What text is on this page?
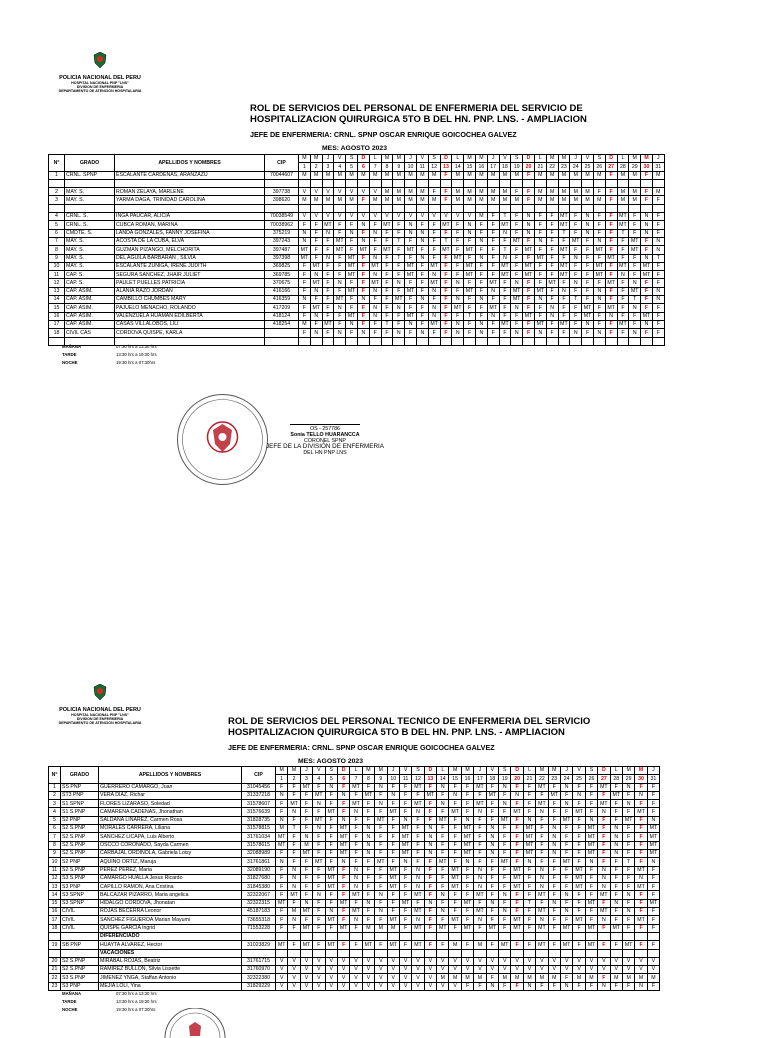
POLICIA NACIONAL DEL PERU
HOSPITAL NACIONAL PNP "LNS"
DIVISION DE ENFERMERIA
DEPARTAMENTO DE ATENCION HOSPITALARIA
ROL DE SERVICIOS DEL PERSONAL DE ENFERMERIA DEL SERVICIO DE
HOSPITALIZACION QUIRURGICA 5TO B DEL HN. PNP. LNS. - AMPLIACION
JEFE DE ENFERMERIA: CRNL. SPNP OSCAR ENRIQUE GOICOCHEA GALVEZ
MES: AGOSTO 2023
N°	GRADO	APELLIDOS Y NOMBRES	CIP	M	M	J	V	S	D	L	M	M	J	V	S	D	L	M	M	J	V	S	D	L	M	M	J	V	S	D	L	M	M	J
				1	2	3	4	5	6	7	8	9	10	11	12	13	14	15	16	17	18	19	20	21	22	23	24	25	26	27	28	29	30	31
1	CRNL. SPNP	ESCALANTE CARDENAS, ARANZAZU	70044607	M	M	M	M	M	M	M	M	M	M	M	M	F	M	M	M	M	M	M	F	M	M	M	M	M	M	F	M	M	F	M

2	MAY. S.	ROMAN ZELAYA, MARLENE	397738	V	V	V	V	V	V	V	M	M	M	M	F	F	M	M	M	M	M	F	F	M	M	M	M	M	F	F	M	M	F	M
3	MAY. S.	YARMA DAGA, TRINIDAD CAROLINA	398620	M	M	M	M	M	F	M	M	M	M	M	M	F	M	M	M	M	M	M	F	M	M	M	M	M	M	F	M	M	F	F

4	CRNL. S.	INGA PAUCAR, ALICIA	70038549	V	V	V	V	V	V	V	V	V	V	V	V	V	V	V	M	F	T	F	N	F	F	MT	F	N	F	F	MT	F	N	F
5	CRNL. S.	CUBCA ROMAN, MARINA	70038962	F	F	MT	F	F	N	F	MT	F	N	F	F	MT	F	N	F	F	MT	F	N	F	F	MT	F	N	F	F	MT	F	N	F
6	CMDTE. S.	LANDA GONZALES, FANNY JOSEFINA	375219	N	F	N	F	N	F	N	F	F	N	N	F	F	F	N	F	F	N	F	N	F	F	T	F	N	F	F	T	F	N	F
7	MAY. S.	ACOSTA DE LA CUBA, ELVA	397243	N	F	F	MT	F	N	F	F	T	F	N	F	T	F	F	N	F	F	MT	F	N	F	F	MT	F	N	F	F	MT	F	N
8	MAY. S.	GUZMAN PIZANGO, MELCHORITA	397487	MT	F	F	MT	F	MT	F	MT	F	MT	F	F	MT	F	MT	F	F	T	F	MT	F	F	MT	F	F	MT	F	F	MT	F	N
9	MAY. S.	DEL AGUILA BARBARAN , SILVIA	397398	MT	F	N	F	MT	F	N	F	T	F	N	F	F	MT	F	N	F	N	F	F	MT	F	F	N	F	F	MT	F	F	N	T
10	MAY. S.	ESCALANTE ZUÑIGA, IRENE JUDITH	369825	F	MT	F	F	MT	F	MT	F	F	MT	F	MT	F	F	MT	F	F	MT	F	MT	F	F	MT	F	F	MT	F	MT	F	MT	F
11	CAP. S.	SEGURA SANCHEZ, JHAIR JULIET	369785	F	N	F	F	MT	F	N	F	F	MT	F	N	F	F	MT	F	F	MT	F	MT	F	F	MT	F	F	MT	F	N	F	MT	F
12	CAP. S.	PAULET PUELLES PATRICIA	370675	F	MT	F	N	F	F	MT	F	N	F	F	MT	F	N	F	F	MT	F	N	F	F	MT	F	N	F	F	MT	F	N	F	F
13	CAP. ASIM.	ALANIA RAZO JORDAN	416166	F	N	F	F	MT	F	N	F	F	MT	F	N	F	F	MT	F	N	F	MT	F	MT	F	N	F	F	N	F	F	MT	F	N
14	CAP. ASIM.	CAMBILLO CHUMBES MARY	416359	N	F	F	MT	F	N	F	F	MT	F	N	F	F	N	F	N	F	F	MT	F	N	F	F	T	F	N	F	F	T	F	N
15	CAP. ASIM.	PAJUELO MENACHO, ROLANDO	417209	F	MT	F	N	F	F	N	F	N	F	F	N	F	MT	F	F	MT	F	N	F	F	N	F	F	MT	F	MT	F	N	F	F
16	CAP. ASIM.	VALENZUELA HUAMAN EDILBERTA	418124	F	N	F	F	MT	F	N	F	F	MT	F	N	F	F	T	F	N	F	F	MT	F	N	F	F	MT	F	N	F	F	MT	F
17	CAP. ASIM.	CASAS VILLALOBOS, LILI	418254	M	F	MT	F	N	F	F	T	F	N	F	MT	F	N	F	N	F	MT	F	F	MT	F	MT	F	N	F	F	MT	F	N	F
18	CIVIL CAS	CORDOVA QUISPE, KARLA		F	N	F	N	F	N	F	F	N	F	N	F	F	N	F	N	F	F	N	F	N	F	F	N	F	N	F	F	N	F	F

MAÑANA	07:30 hrs a 13:30 hrs
TARDE	13:30 hrs a 19:30 hrs
NOCHE	19:30 hrs a 07:30hrs
OS - 257786
Sonia TELLO HUARANCCA
CORONEL SPNP
JEFE DE LA DIVISIÓN DE ENFERMERIA
DEL HN PNP LNS
POLICIA NACIONAL DEL PERU
HOSPITAL NACIONAL PNP "LNS"
DIVISION DE ENFERMERIA
DEPARTAMENTO DE ATENCION HOSPITALARIA	ROL DE SERVICIOS DEL PERSONAL TECNICO DE ENFERMERIA DEL SERVICIO
HOSPITALIZACION QUIRURGICA 5TO B DEL HN. PNP. LNS. - AMPLIACION
JEFE DE ENFERMERIA: CRNL. SPNP OSCAR ENRIQUE GOICOCHEA GALVEZ
MES: AGOSTO 2023
N°	GRADO	APELLIDOS Y NOMBRES	CIP	M	M	J	V	S	D	L	M	M	J	V	S	D	L	M	M	J	V	S	D	L	M	M	J	V	S	D	L	M	M	J
				1	2	3	4	5	6	7	8	9	10	11	12	13	14	15	16	17	18	19	20	21	22	23	24	25	26	27	28	29	30	31
1	SS PNP	GUERRERO CAMARGO, Juan	31045456	F	F	MT	F	N	F	MT	F	N	F	F	MT	F	N	F	F	MT	F	N	F	F	MT	F	N	F	F	MT	F	N	F	F
2	ST3 PNP	VERA DIAZ, Richar	31337218	N	F	F	MT	F	N	F	MT	F	N	F	F	MT	F	N	F	F	MT	F	N	F	F	MT	F	N	F	F	MT	F	N	F
3	S1 SPNP	FLORES LIZARASO, Soledad	31578607	F	MT	F	N	F	F	MT	F	N	F	F	MT	F	N	F	F	MT	F	N	F	F	MT	F	N	F	F	MT	F	N	F	F
4	S1 S.PNP	CAMARENA CADENAS, Jhonathan	31576639	F	N	F	F	MT	F	N	F	F	MT	F	N	F	F	MT	F	N	F	F	MT	F	N	F	F	MT	F	N	F	F	MT	F
5	S2 PNP	SALDAÑA LINAREZ, Carmen Rosa	31828735	N	F	F	MT	F	N	F	F	MT	F	N	F	F	MT	F	N	F	F	MT	F	N	F	F	MT	F	N	F	F	MT	F	N
6	S2 S.PNP	MORALES CARRERA, Liliana	31578815	M	T	F	N	F	MT	F	N	F	F	MT	F	N	F	F	MT	F	N	F	F	MT	F	N	F	F	MT	F	N	F	F	MT
7	S2 S.PNP	SANCHEZ LICAPA, Luis Alberto	31761034	MT	F	N	F	F	MT	F	N	F	F	MT	F	N	F	F	MT	F	N	F	F	MT	F	N	F	F	MT	F	N	F	F	MT
8	S2 S.PNP	OSCCO CORONADO, Sayda Carmen	31578615	MT	F	M	F	F	MT	F	N	F	F	MT	F	N	F	F	MT	F	N	F	F	MT	F	N	F	F	MT	F	N	F	F	MT
9	S2 S.PNP	CARBAJAL ORDINOLA, Gabriela Loisy	32088989	F	F	MT	F	F	MT	F	N	F	F	MT	F	N	F	F	MT	F	N	F	F	MT	F	N	F	F	MT	F	N	F	F	MT
10	S2 PNP	AQUINO ORTIZ, Maruja	31761861	N	F	F	MT	F	N	F	F	MT	F	N	F	F	MT	F	N	F	F	MT	F	N	F	F	MT	F	N	F	F	T	F	N
11	S2 S.PNP	PEREZ PEREZ, Maria	32089190	F	N	F	F	MT	F	N	F	F	MT	F	N	F	F	MT	F	N	F	F	MT	F	N	F	F	MT	F	N	F	F	MT	F
12	S3 S.PNP	CAMARGO HUALLA Jesus Ricardo	31827680	F	N	F	F	MT	F	N	F	F	MT	F	N	F	F	MT	F	N	F	F	MT	F	N	F	F	MT	F	N	F	F	N	F
13	S3 PNP	CAPILLO RAMON, Ana Cristina	31845380	F	N	F	F	MT	F	N	F	F	MT	F	N	F	F	MT	F	N	F	F	MT	F	N	F	F	MT	F	N	F	F	MT	F
14	S3 SPNP	BALCAZAR PIZARRO, Maria angelica	32322067	F	MT	F	N	F	F	MT	F	N	F	F	MT	F	N	F	F	MT	F	N	F	F	MT	F	N	F	F	MT	F	N	F	F
15	S3 SPNP	HIDALGO CORDOVA, Jhonatan	32322315	MT	F	N	F	F	MT	F	N	F	F	MT	F	N	F	F	MT	F	N	F	F	T	F	N	F	F	MT	F	N	F	F	MT
16	CIVIL	ROJAS BECERRA Leonor	45187183	F	M	MT	F	N	F	MT	F	N	F	F	MT	F	N	F	F	MT	F	N	F	F	MT	F	N	F	F	MT	F	N	F	F
17	CIVIL	SANCHEZ FIGUEROA Marian Mayumi	73655318	F	N	F	F	MT	F	N	F	F	MT	F	N	F	F	MT	F	N	F	F	MT	F	N	F	F	MT	F	N	F	F	MT	F
18	CIVIL	QUISPE GARCIA Ingrid	71553228	F	F	MT	F	F	MT	F	M	M	M	F	MT	F	MT	F	MT	F	MT	F	MT	F	MT	F	MT	F	MT	F	MT	F	F	F
		DIFERENCIADO																																
19	SB PNP	HUAYTA ALVAREZ, Hector	31023829	MT	F	MT	F	MT	F	F	MT	F	MT	F	MT	F	F	M	F	M	F	MT	F	F	MT	F	MT	F	MT	F	F	MT	F	F
		VACACIONES																																
20	S2 S.PNP	MIRABAL ROJAS, Beatriz	31761715	V	V	V	V	V	V	V	V	V	V	V	V	V	V	V	V	V	V	V	V	V	V	V	V	V	V	V	V	V	V	V
21	S2 S.PNP	RAMIREZ BULLON, Silvia Lissette	31760970	V	V	V	V	V	V	V	V	V	V	V	V	V	V	V	V	V	V	V	V	V	V	V	V	V	V	V	V	V	V	V
22	S3 S.PNP	JIMENEZ YNGA, Staffan Antonio	32322380	V	V	V	V	V	V	V	V	V	V	V	V	V	M	M	M	M	F	M	M	M	M	M	F	M	M	F	M	M	M	M
23	S3 PNP	MEJIA LOLI, Yina	31829229	V	V	V	V	V	V	V	V	V	V	V	V	V	V	V	F	F	N	F	F	N	F	F	N	F	F	N	F	F	N	F
MAÑANA	07:30 hrs a 13:30 hrs
TARDE	13:30 hrs a 19:30 hrs
NOCHE	19:30 hrs a 07:30hrs
